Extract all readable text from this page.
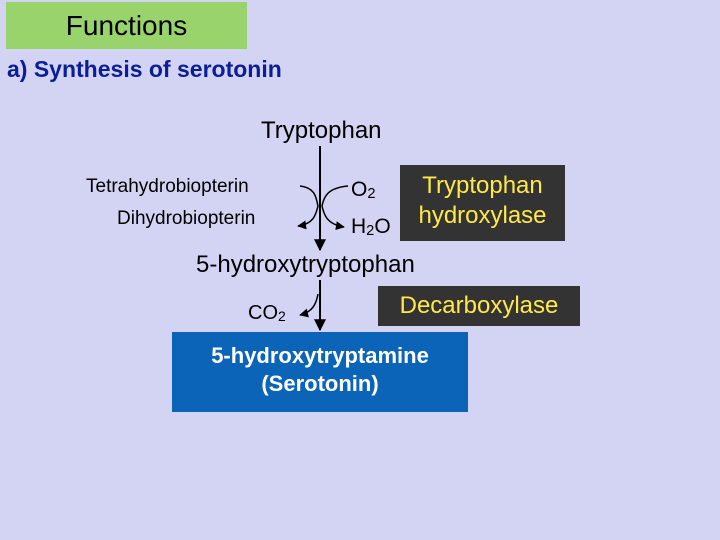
Functions
a) Synthesis of serotonin
Tryptophan
Tetrahydrobiopterin
Dihydrobiopterin
$O_2$
$H_2O$
Tryptophan
hydroxylase
5-hydroxytryptophan
$CO_2$	Decarboxylase
5-hydroxytryptamine
(Serotonin)
